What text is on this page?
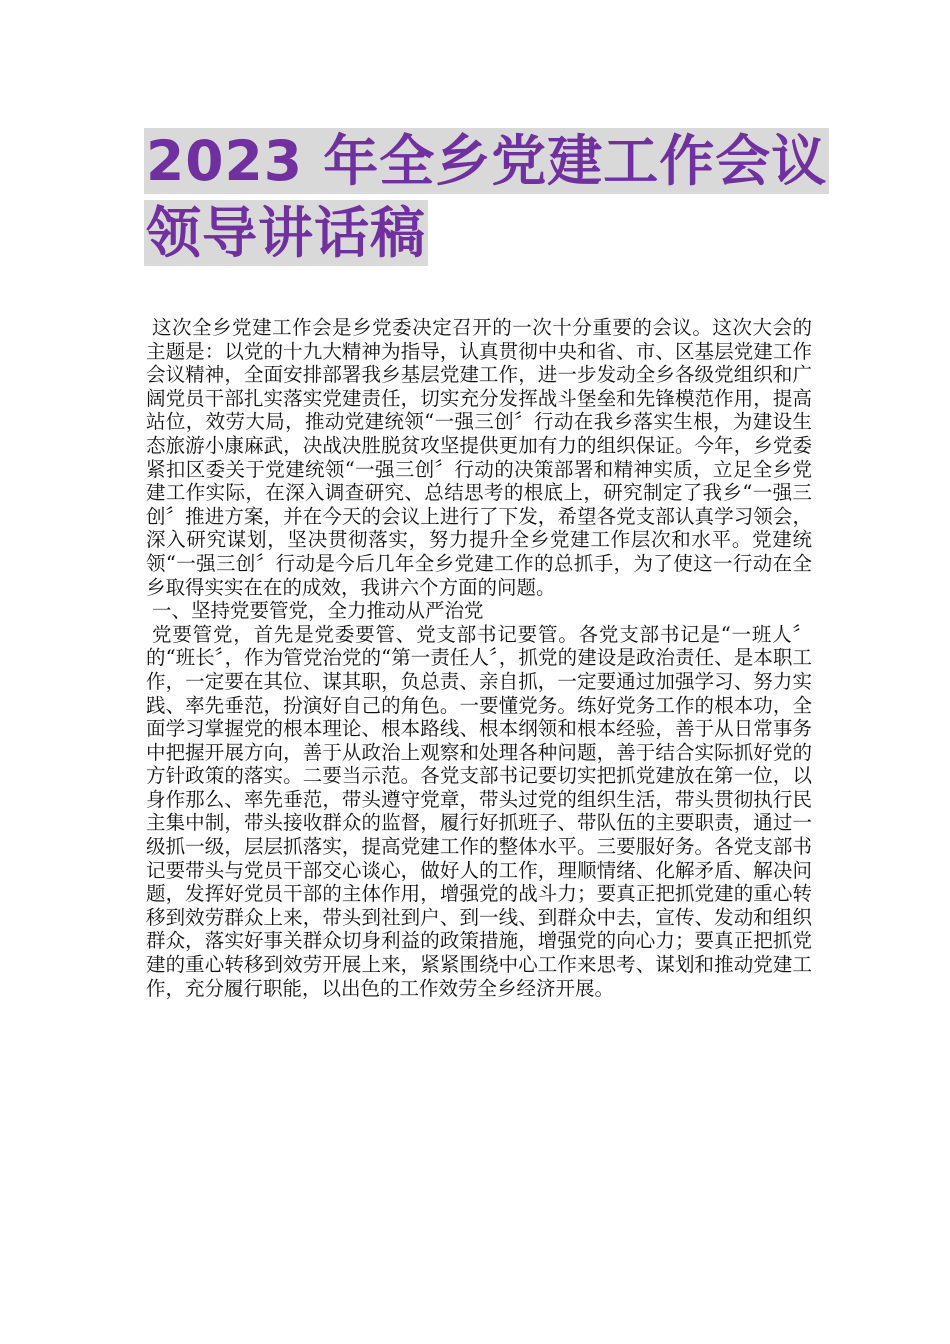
2023 年全乡党建工作会议
领导讲话稿

这次全乡党建工作会是乡党委决定召开的一次十分重要的会议。这次大会的主题是：以党的十九大精神为指导，认真贯彻中央和省、市、区基层党建工作会议精神，全面安排部署我乡基层党建工作，进一步发动全乡各级党组织和广阔党员干部扎实落实党建责任，切实充分发挥战斗堡垒和先锋模范作用，提高站位，效劳大局，推动党建统领“一强三创〞行动在我乡落实生根，为建设生态旅游小康麻武，决战决胜脱贫攻坚提供更加有力的组织保证。今年，乡党委紧扣区委关于党建统领“一强三创〞行动的决策部署和精神实质，立足全乡党建工作实际，在深入调查研究、总结思考的根底上，研究制定了我乡“一强三创〞推进方案，并在今天的会议上进行了下发，希望各党支部认真学习领会，深入研究谋划，坚决贯彻落实，努力提升全乡党建工作层次和水平。党建统领“一强三创〞行动是今后几年全乡党建工作的总抓手，为了使这一行动在全乡取得实实在在的成效，我讲六个方面的问题。

一、坚持党要管党，全力推动从严治党

党要管党，首先是党委要管、党支部书记要管。各党支部书记是“一班人〞的“班长〞，作为管党治党的“第一责任人〞，抓党的建设是政治责任、是本职工作，一定要在其位、谋其职，负总责、亲自抓，一定要通过加强学习、努力实践、率先垂范，扮演好自己的角色。一要懂党务。练好党务工作的根本功，全面学习掌握党的根本理论、根本路线、根本纲领和根本经验，善于从日常事务中把握开展方向，善于从政治上观察和处理各种问题，善于结合实际抓好党的方针政策的落实。二要当示范。各党支部书记要切实把抓党建放在第一位，以身作那么、率先垂范，带头遵守党章，带头过党的组织生活，带头贯彻执行民主集中制，带头接收群众的监督，履行好抓班子、带队伍的主要职责，通过一级抓一级，层层抓落实，提高党建工作的整体水平。三要服好务。各党支部书记要带头与党员干部交心谈心，做好人的工作，理顺情绪、化解矛盾、解决问题，发挥好党员干部的主体作用，增强党的战斗力；要真正把抓党建的重心转移到效劳群众上来，带头到社到户、到一线、到群众中去，宣传、发动和组织群众，落实好事关群众切身利益的政策措施，增强党的向心力；要真正把抓党建的重心转移到效劳开展上来，紧紧围绕中心工作来思考、谋划和推动党建工作，充分履行职能，以出色的工作效劳全乡经济开展。
